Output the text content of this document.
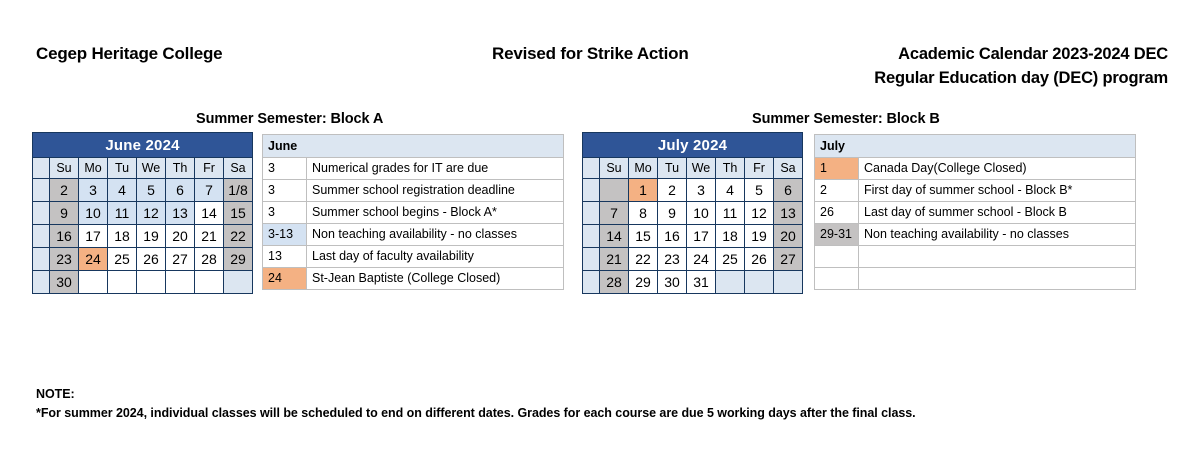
Cegep Heritage College	Revised for Strike Action	Academic Calendar 2023-2024 DEC
Regular Education day (DEC) program
Summer Semester: Block A	Summer Semester: Block B
June 2024							
	Su	Mo	Tu	We	Th	Fr	Sa
	2	3	4	5	6	7	1/8
	9	10	11	12	13	14	15
	16	17	18	19	20	21	22
	23	24	25	26	27	28	29
	30						
July 2024							
	Su	Mo	Tu	We	Th	Fr	Sa
		1	2	3	4	5	6
	7	8	9	10	11	12	13
	14	15	16	17	18	19	20
	21	22	23	24	25	26	27
	28	29	30	31			
June	
3	Numerical grades for IT are due
3	Summer school registration deadline
3	Summer school begins - Block A*
3-13	Non teaching availability - no classes
13	Last day of faculty availability
24	St-Jean Baptiste (College Closed)
July	
1	Canada Day(College Closed)
2	First day of summer school - Block B*
26	Last day of summer school - Block B
29-31	Non teaching availability - no classes

NOTE:
*For summer 2024, individual classes will be scheduled to end on different dates. Grades for each course are due 5 working days after the final class.
